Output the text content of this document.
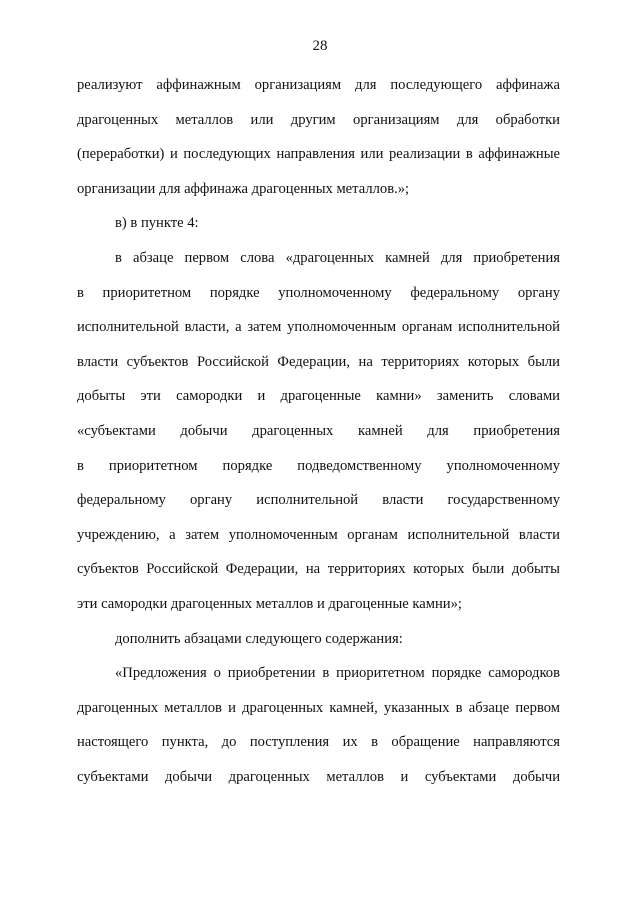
28
реализуют аффинажным организациям для последующего аффинажа
драгоценных металлов или другим организациям для обработки
(переработки) и последующих направления или реализации в аффинажные
организации для аффинажа драгоценных металлов.»;
в) в пункте 4:
в абзаце первом слова «драгоценных камней для приобретения
в приоритетном порядке уполномоченному федеральному органу
исполнительной власти, а затем уполномоченным органам исполнительной
власти субъектов Российской Федерации, на территориях которых были
добыты эти самородки и драгоценные камни» заменить словами
«субъектами добычи драгоценных камней для приобретения
в приоритетном порядке подведомственному уполномоченному
федеральному органу исполнительной власти государственному
учреждению, а затем уполномоченным органам исполнительной власти
субъектов Российской Федерации, на территориях которых были добыты
эти самородки драгоценных металлов и драгоценные камни»;
дополнить абзацами следующего содержания:
«Предложения о приобретении в приоритетном порядке самородков
драгоценных металлов и драгоценных камней, указанных в абзаце первом
настоящего пункта, до поступления их в обращение направляются
субъектами добычи драгоценных металлов и субъектами добычи
